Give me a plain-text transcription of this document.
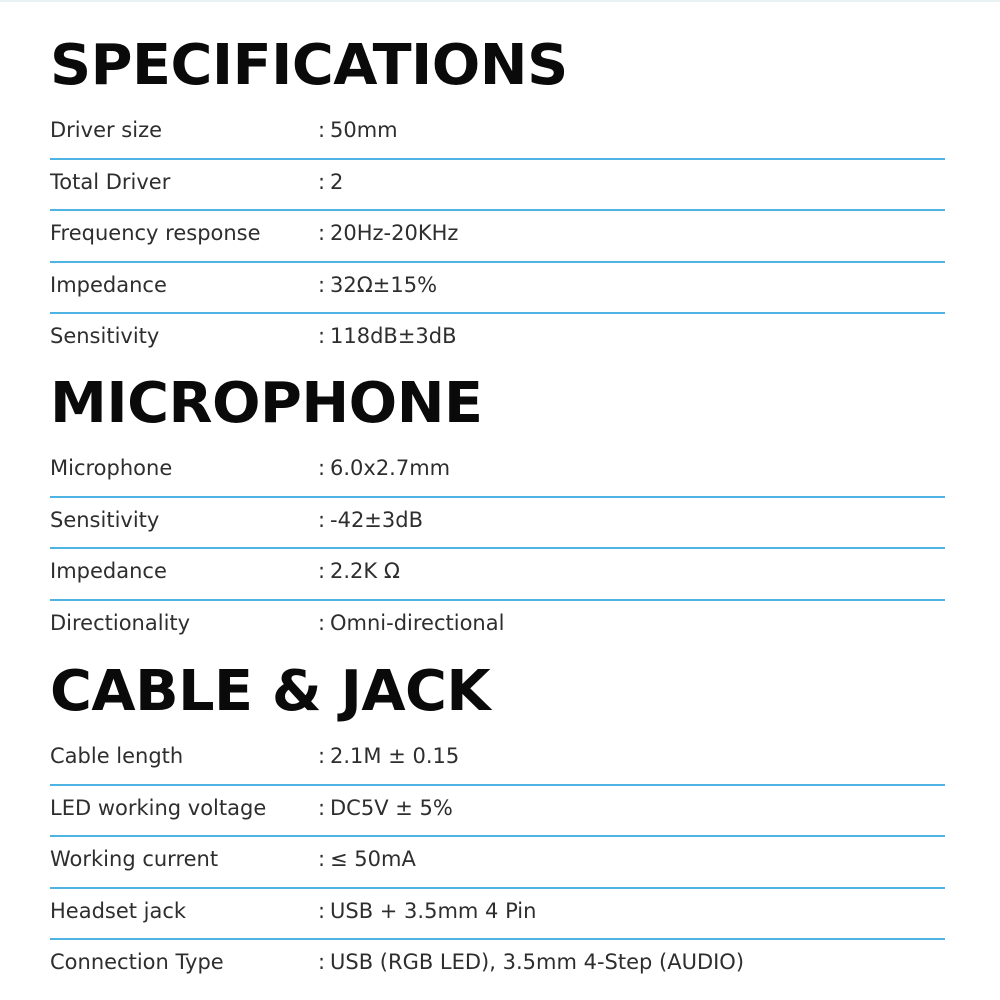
SPECIFICATIONS
Driver size	: 50mm
Total Driver	: 2
Frequency response	: 20Hz-20KHz
Impedance	: 32Ω±15%
Sensitivity	: 118dB±3dB
MICROPHONE
Microphone	: 6.0x2.7mm
Sensitivity	: -42±3dB
Impedance	: 2.2K Ω
Directionality	: Omni-directional
CABLE & JACK
Cable length	: 2.1M ± 0.15
LED working voltage	: DC5V ± 5%
Working current	: ≤ 50mA
Headset jack	: USB + 3.5mm 4 Pin
Connection Type	: USB (RGB LED), 3.5mm 4-Step (AUDIO)
